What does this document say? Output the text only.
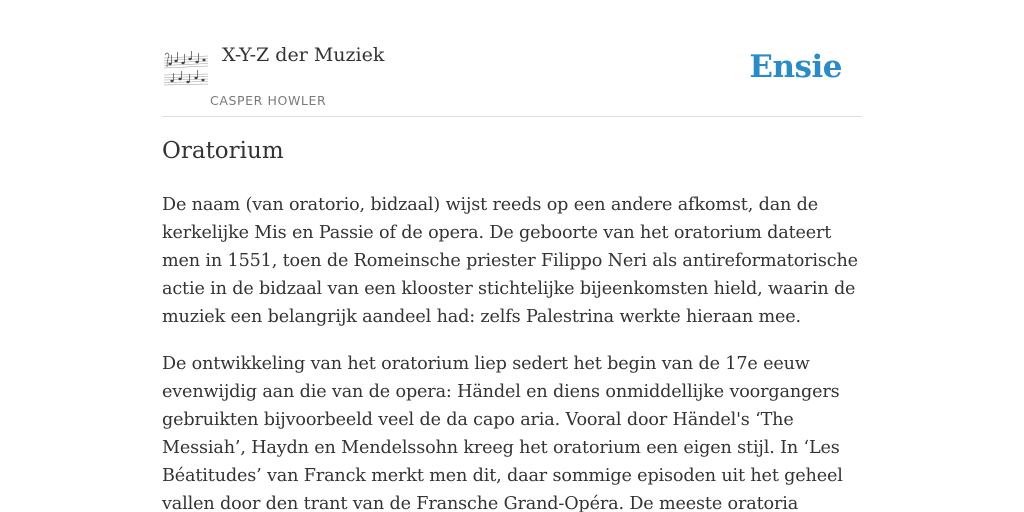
X-Y-Z der Muziek
CASPER HOWLER
Ensie
Oratorium

De naam (van oratorio, bidzaal) wijst reeds op een andere afkomst, dan de kerkelijke Mis en Passie of de opera. De geboorte van het oratorium dateert men in 1551, toen de Romeinsche priester Filippo Neri als antireformatorische actie in de bidzaal van een klooster stichtelijke bijeenkomsten hield, waarin de muziek een belangrijk aandeel had: zelfs Palestrina werkte hieraan mee.

De ontwikkeling van het oratorium liep sedert het begin van de 17e eeuw evenwijdig aan die van de opera: Händel en diens onmiddellijke voorgangers gebruikten bijvoorbeeld veel de da capo aria. Vooral door Händel's ‘The Messiah’, Haydn en Mendelssohn kreeg het oratorium een eigen stijl. In ‘Les Béatitudes’ van Franck merkt men dit, daar sommige episoden uit het geheel vallen door den trant van de Fransche Grand-Opéra. De meeste oratoria
